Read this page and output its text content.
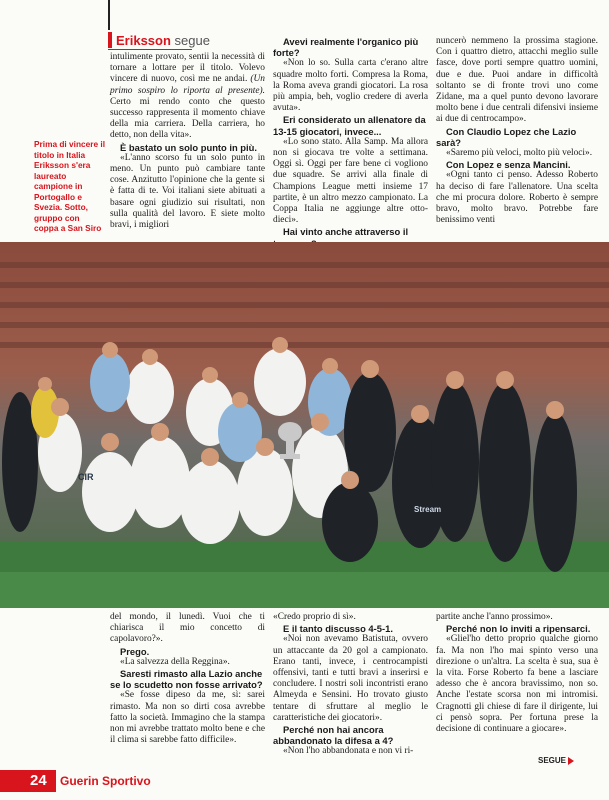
Eriksson segue
Prima di vincere il titolo in Italia Eriksson s'era laureato campione in Portogallo e Svezia. Sotto, gruppo con coppa a San Siro

intulimente provato, sentii la necessità di tornare a lottare per il titolo. Volevo vincere di nuovo, così me ne andai. (Un primo sospiro lo riporta al presente). Certo mi rendo conto che questo successo rappresenta il momento chiave della mia carriera. Della carriera, ho detto, non della vita».

È bastato un solo punto in più.

«L'anno scorso fu un solo punto in meno. Un punto può cambiare tante cose. Anzitutto l'opinione che la gente si è fatta di te. Voi italiani siete abituati a basare ogni giudizio sui risultati, non sulla qualità del lavoro. E siete molto bravi, i migliori

Avevi realmente l'organico più forte?

«Non lo so. Sulla carta c'erano altre squadre molto forti. Compresa la Roma, la Roma aveva grandi giocatori. La rosa più ampia, beh, voglio credere di averla avuta».

Eri considerato un allenatore da 13-15 giocatori, invece...

«Lo sono stato. Alla Samp. Ma allora non si giocava tre volte a settimana. Oggi sì. Oggi per fare bene ci vogliono due squadre. Se arrivi alla finale di Champions League metti insieme 17 partite, è un altro mezzo campionato. La Coppa Italia ne aggiunge altre otto-dieci».

Hai vinto anche attraverso il

nuncerò nemmeno la prossima stagione. Con i quattro dietro, attacchi meglio sulle fasce, dove porti sempre quattro uomini, due e due. Puoi andare in difficoltà soltanto se di fronte trovi uno come Zidane, ma a quel punto devono lavorare molto bene i due centrali difensivi insieme ai due di centrocampo».

Con Claudio Lopez che Lazio sarà?

«Saremo più veloci, molto più veloci».

Con Lopez e senza Mancini.

«Ogni tanto ci penso. Adesso Roberto ha deciso di fare l'allenatore. Una scelta che mi procura dolore. Roberto è sempre bravo, molto bravo. Potrebbe fare benissimo venti

CIR
Stream

del mondo, il lunedì. Vuoi che ti chiarisca il mio concetto di capolavoro?».

Prego.

«La salvezza della Reggina».

Saresti rimasto alla Lazio anche se lo scudetto non fosse arrivato?

«Se fosse dipeso da me, sì: sarei rimasto. Ma non so dirti cosa avrebbe fatto la società. Immagino che la stampa non mi avrebbe trattato molto bene e che il clima si sarebbe fatto difficile».

«Credo proprio di sì».

E il tanto discusso 4-5-1.

«Noi non avevamo Batistuta, ovvero un attaccante da 20 gol a campionato. Erano tanti, invece, i centrocampisti offensivi, tanti e tutti bravi a inserirsi e concludere. I nostri soli incontristi erano Almeyda e Sensini. Ho trovato giusto tentare di sfruttare al meglio le caratteristiche dei giocatori».

Perché non hai ancora abbandonato la difesa a 4?

«Non l'ho abbandonata e non vi ri-

partite anche l'anno prossimo».

Perché non lo inviti a ripensarci.

«Gliel'ho detto proprio qualche giorno fa. Ma non l'ho mai spinto verso una direzione o un'altra. La scelta è sua, sua è la vita. Forse Roberto fa bene a lasciare adesso che è ancora bravissimo, non so. Anche l'estate scorsa non mi intromisi. Cragnotti gli chiese di fare il dirigente, lui ci pensò sopra. Per fortuna prese la decisione di continuare a giocare».

SEGUE
24 Guerin Sportivo
